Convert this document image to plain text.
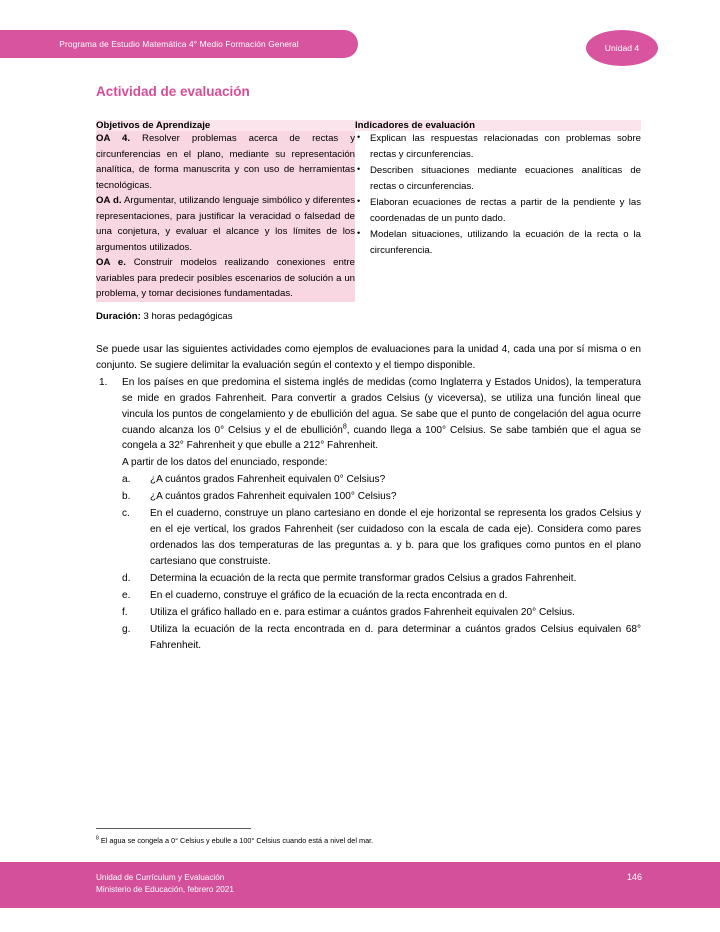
Programa de Estudio Matemática 4° Medio Formación General	Unidad 4
Actividad de evaluación
Objetivos de Aprendizaje	Indicadores de evaluación

OA 4. Resolver problemas acerca de rectas y circunferencias en el plano, mediante su representación analítica, de forma manuscrita y con uso de herramientas tecnológicas.
OA d. Argumentar, utilizando lenguaje simbólico y diferentes representaciones, para justificar la veracidad o falsedad de una conjetura, y evaluar el alcance y los límites de los argumentos utilizados.
OA e. Construir modelos realizando conexiones entre variables para predecir posibles escenarios de solución a un problema, y tomar decisiones fundamentadas.

• Explican las respuestas relacionadas con problemas sobre rectas y circunferencias.
• Describen situaciones mediante ecuaciones analíticas de rectas o circunferencias.
• Elaboran ecuaciones de rectas a partir de la pendiente y las coordenadas de un punto dado.
• Modelan situaciones, utilizando la ecuación de la recta o la circunferencia.
Duración: 3 horas pedagógicas
Se puede usar las siguientes actividades como ejemplos de evaluaciones para la unidad 4, cada una por sí misma o en conjunto. Se sugiere delimitar la evaluación según el contexto y el tiempo disponible.
1. En los países en que predomina el sistema inglés de medidas (como Inglaterra y Estados Unidos), la temperatura se mide en grados Fahrenheit. Para convertir a grados Celsius (y viceversa), se utiliza una función lineal que vincula los puntos de congelamiento y de ebullición del agua. Se sabe que el punto de congelación del agua ocurre cuando alcanza los 0° Celsius y el de ebullición$^8$, cuando llega a 100° Celsius. Se sabe también que el agua se congela a 32° Fahrenheit y que ebulle a 212° Fahrenheit.
A partir de los datos del enunciado, responde:
a. ¿A cuántos grados Fahrenheit equivalen 0° Celsius?
b. ¿A cuántos grados Fahrenheit equivalen 100° Celsius?
c. En el cuaderno, construye un plano cartesiano en donde el eje horizontal se representa los grados Celsius y en el eje vertical, los grados Fahrenheit (ser cuidadoso con la escala de cada eje). Considera como pares ordenados las dos temperaturas de las preguntas a. y b. para que los grafiques como puntos en el plano cartesiano que construiste.
d. Determina la ecuación de la recta que permite transformar grados Celsius a grados Fahrenheit.
e. En el cuaderno, construye el gráfico de la ecuación de la recta encontrada en d.
f. Utiliza el gráfico hallado en e. para estimar a cuántos grados Fahrenheit equivalen 20° Celsius.
g. Utiliza la ecuación de la recta encontrada en d. para determinar a cuántos grados Celsius equivalen 68° Fahrenheit.
$^8$ El agua se congela a 0° Celsius y ebulle a 100° Celsius cuando está a nivel del mar.
Unidad de Currículum y Evaluación
Ministerio de Educación, febrero 2021
146
